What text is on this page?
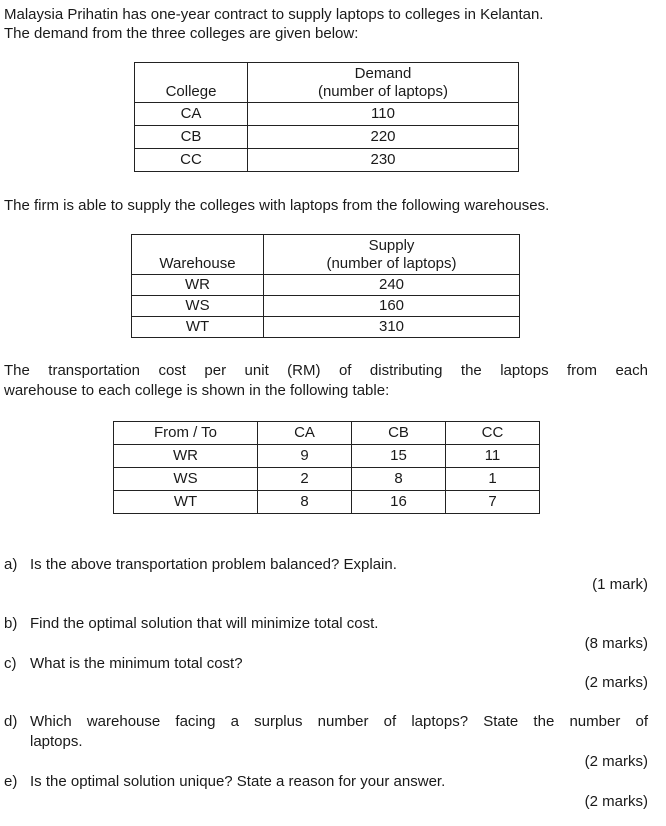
Malaysia Prihatin has one-year contract to supply laptops to colleges in Kelantan.
The demand from the three colleges are given below:
College	Demand
(number of laptops)

CA	110
CB	220
CC	230
The firm is able to supply the colleges with laptops from the following warehouses.
Warehouse	Supply
(number of laptops)

WR	240
WS	160
WT	310
The transportation cost per unit (RM) of distributing the laptops from each
warehouse to each college is shown in the following table:
From / To	CA	CB	CC
WR	9	15	11
WS	2	8	1
WT	8	16	7
a) Is the above transportation problem balanced? Explain.
(1 mark)
b) Find the optimal solution that will minimize total cost.
(8 marks)
c) What is the minimum total cost?
(2 marks)
d) Which warehouse facing a surplus number of laptops? State the number of
laptops.
(2 marks)
e) Is the optimal solution unique? State a reason for your answer.
(2 marks)
